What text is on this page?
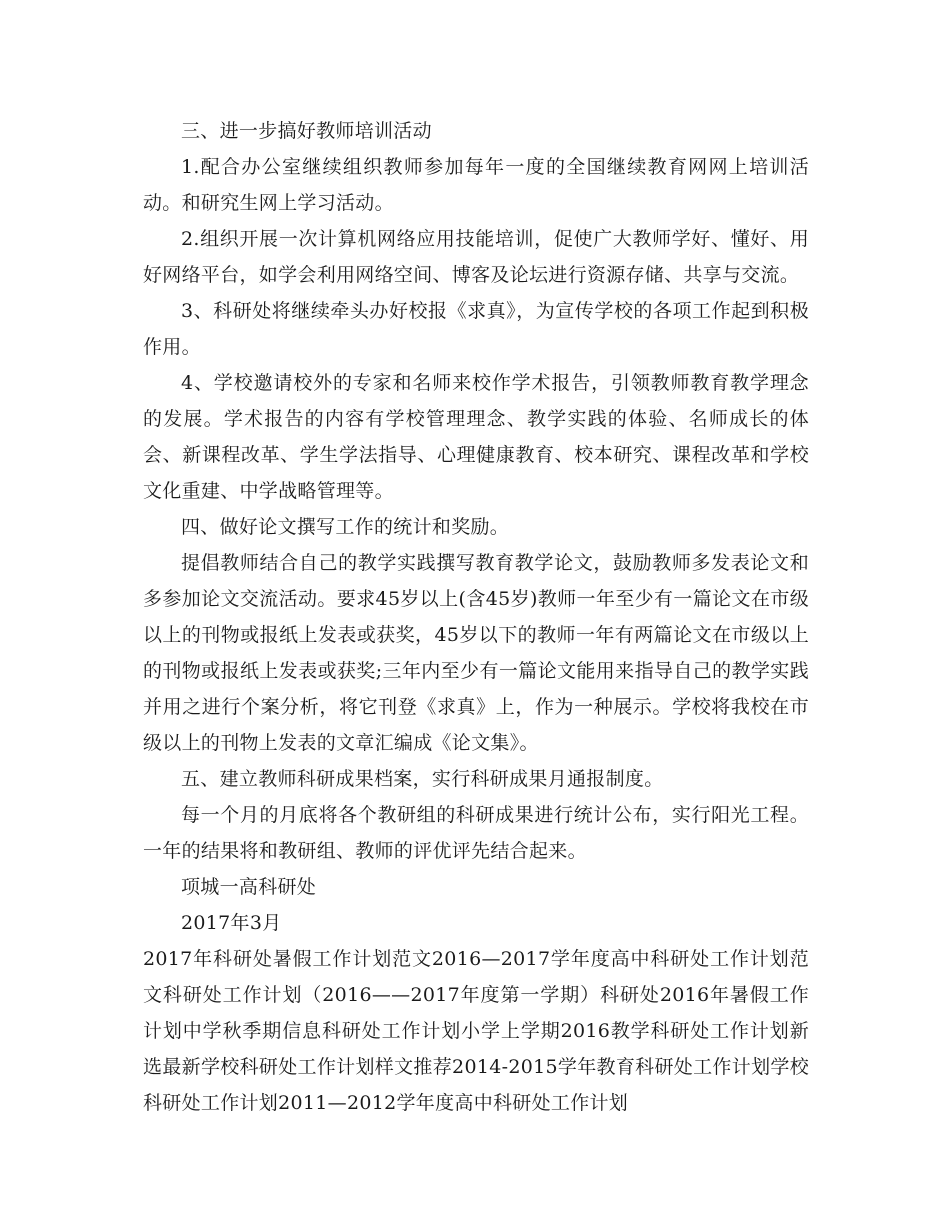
三、进一步搞好教师培训活动

1.配合办公室继续组织教师参加每年一度的全国继续教育网网上培训活动。和研究生网上学习活动。

2.组织开展一次计算机网络应用技能培训，促使广大教师学好、懂好、用好网络平台，如学会利用网络空间、博客及论坛进行资源存储、共享与交流。

3、科研处将继续牵头办好校报《求真》，为宣传学校的各项工作起到积极作用。

4、学校邀请校外的专家和名师来校作学术报告，引领教师教育教学理念的发展。学术报告的内容有学校管理理念、教学实践的体验、名师成长的体会、新课程改革、学生学法指导、心理健康教育、校本研究、课程改革和学校文化重建、中学战略管理等。

四、做好论文撰写工作的统计和奖励。

提倡教师结合自己的教学实践撰写教育教学论文，鼓励教师多发表论文和多参加论文交流活动。要求45岁以上(含45岁)教师一年至少有一篇论文在市级以上的刊物或报纸上发表或获奖，45岁以下的教师一年有两篇论文在市级以上的刊物或报纸上发表或获奖;三年内至少有一篇论文能用来指导自己的教学实践并用之进行个案分析，将它刊登《求真》上，作为一种展示。学校将我校在市级以上的刊物上发表的文章汇编成《论文集》。

五、建立教师科研成果档案，实行科研成果月通报制度。

每一个月的月底将各个教研组的科研成果进行统计公布，实行阳光工程。一年的结果将和教研组、教师的评优评先结合起来。

项城一高科研处

2017年3月

2017年科研处暑假工作计划范文2016—2017学年度高中科研处工作计划范文科研处工作计划（2016——2017年度第一学期）科研处2016年暑假工作计划中学秋季期信息科研处工作计划小学上学期2016教学科研处工作计划新选最新学校科研处工作计划样文推荐2014-2015学年教育科研处工作计划学校科研处工作计划2011—2012学年度高中科研处工作计划
